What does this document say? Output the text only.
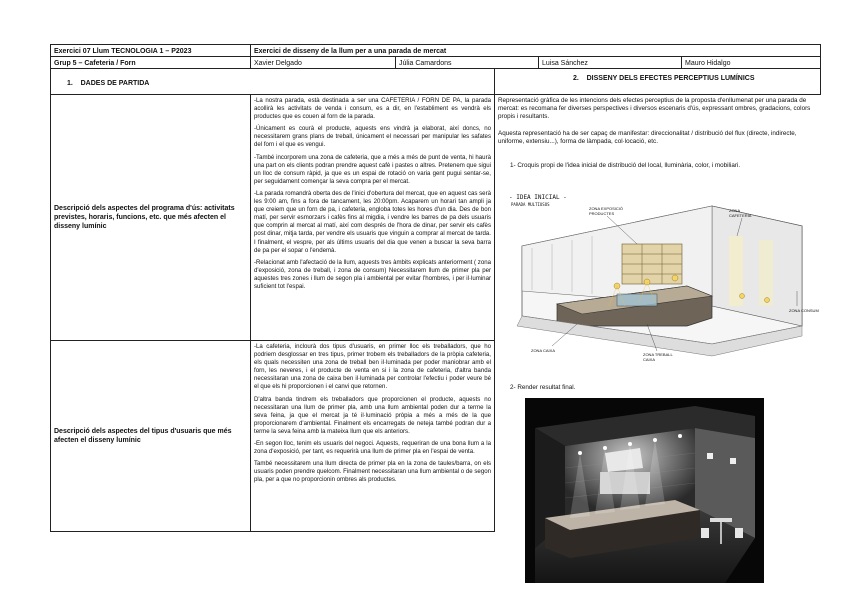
Exercici 07 Llum TECNOLOGIA 1 – P2023	Exercici de disseny de la llum per a una parada de mercat
Grup 5 – Cafeteria / Forn	Xavier Delgado	Júlia Camardons	Luisa Sánchez	Mauro Hidalgo
1. DADES DE PARTIDA
Descripció dels aspectes del programa d'ús: activitats previstes, horaris, funcions, etc. que més afecten el disseny lumínic

-La nostra parada, està destinada a ser una CAFETERIA / FORN DE PA, la parada acollirà les activitats de venda i consum, es a dir, en l'establiment es vendrà els productes que es couen al forn de la parada.

-Únicament es courà el producte, aquests ens vindrà ja elaborat, així doncs, no necessitarem grans plans de treball, únicament el necessari per manipular les safates del forn i el que es vengui.

-També incorporem una zona de cafeteria, que a més a més de punt de venta, hi haurà una part on els clients podran prendre aquest cafè i pastes o altres. Pretenem que sigui un lloc de consum ràpid, ja que es un espai de rotació on varia gent pugui sentar-se, per seguidament començar la seva compra per el mercat.

-La parada romandrà oberta des de l'inici d'obertura del mercat, que en aquest cas serà les 9:00 am, fins a fora de tancament, les 20:00pm. Acaparem un horari tan ampli ja que creiem que un forn de pa, i cafeteria, engloba totes les hores d'un dia. Des de bon matí, per servir esmorzars i cafès fins al migdia, i vendre les barres de pa dels usuaris que comprin al mercat al matí, així com després de l'hora de dinar, per servir els cafès post dinar, mitja tarda, per vendre els usuaris que vinguin a comprar al mercat de tarda. I finalment, el vespre, per als últims usuaris del dia que venen a buscar la seva barra de pa per el sopar o l'endemà.

-Relacionat amb l'afectació de la llum, aquests tres àmbits explicats anteriorment ( zona d'exposició, zona de treball, i zona de consum) Necessitarem llum de primer pla per aquestes tres zones i llum de segon pla i ambiental per evitar l'hombres, i per il·luminar suficient tot l'espai.

Descripció dels aspectes del tipus d'usuaris que més afecten el disseny lumínic

-La cafeteria, inclourà dos tipus d'usuaris, en primer lloc els treballadors, que ho podriem desglossar en tres tipus, primer trobem els treballadors de la pròpia cafeteria, els quals necessiten una zona de treball ben il·luminada per poder maniobrar amb el forn, les neveres, i el producte de venta en si i la zona de cafeteria, d'altra banda necessitaran una zona de caixa ben il·luminada per controlar l'efectiu i poder veure bé el que els hi proporcionen i el canvi que retornen.

D'altra banda tindrem els treballadors que proporcionen el producte, aquests no necessitaran una llum de primer pla, amb una llum ambiental poden dur a terme la seva feina, ja que el mercat ja té il·luminació pròpia a més a més de la que proporcionarem d'ambiental. Finalment els encarregats de neteja també podran dur a terme la seva feina amb la mateixa llum que els anteriors.

-En segon lloc, tenim els usuaris del negoci. Aquests, requeriran de una bona llum a la zona d'exposició, per tant, es requerirà una llum de primer pla en l'espai de venta.

També necessitarem una llum directa de primer pla en la zona de taules/barra, on els usuaris poden prendre quelcom. Finalment necessitaran una llum ambiental o de segon pla, per a que no proporcionin ombres als productes.

2. DISSENY DELS EFECTES PERCEPTIUS LUMÍNICS
Representació gràfica de les intencions dels efectes perceptius de la proposta d'enllumenat per una parada de mercat: es recomana fer diverses perspectives i diversos escenaris d'ús, expressant ombres, gradacions, colors propis i resultants.
Aquesta representació ha de ser capaç de manifestar: direccionalitat / distribució del flux (directe, indirecte, uniforme, extensiu...), forma de làmpada, col·locació, etc.
1- Croquis propi de l'idea inicial de distribució del local, lluminària, color, i mobiliari.
- IDEA INICIAL -
PARADA MULTIUSOS
ZONA EXPOSICIÓ PRODUCTES
ZONA CAFETERIA
ZONA CONSUM
ZONA CAIXA
ZONA TREBALL CAIXA
2- Render resultat final.
